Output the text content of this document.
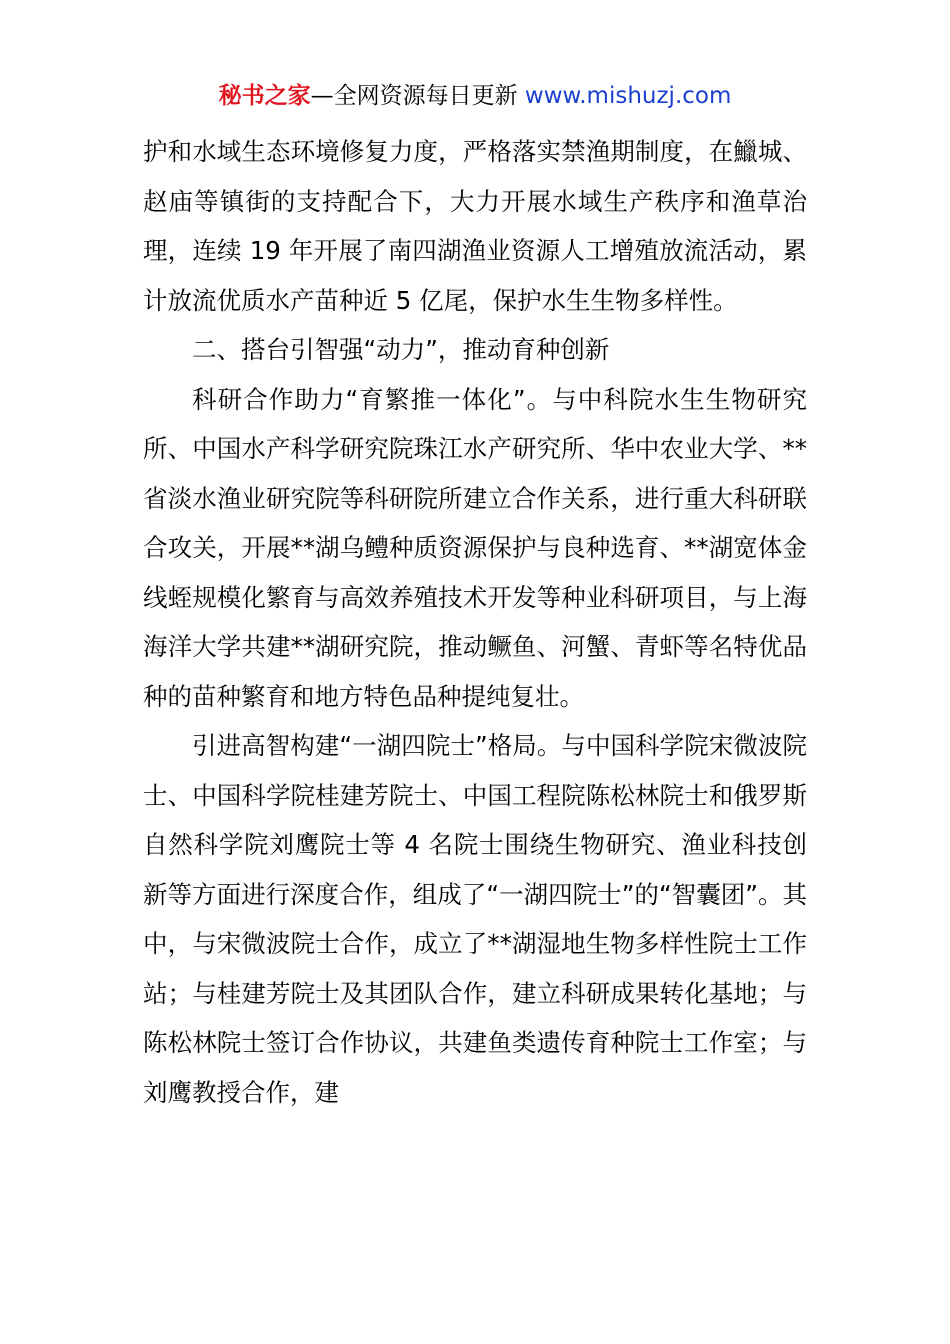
秘书之家—全网资源每日更新 www.mishuzj.com

护和水域生态环境修复力度，严格落实禁渔期制度，在鱲城、赵庙等镇街的支持配合下，大力开展水域生产秩序和渔草治理，连续 19 年开展了南四湖渔业资源人工增殖放流活动，累计放流优质水产苗种近 5 亿尾，保护水生生物多样性。

二、搭台引智强“动力”，推动育种创新

科研合作助力“育繁推一体化”。与中科院水生生物研究所、中国水产科学研究院珠江水产研究所、华中农业大学、**省淡水渔业研究院等科研院所建立合作关系，进行重大科研联合攻关，开展**湖乌鳢种质资源保护与良种选育、**湖宽体金线蛭规模化繁育与高效养殖技术开发等种业科研项目，与上海海洋大学共建**湖研究院，推动鳜鱼、河蟹、青虾等名特优品种的苗种繁育和地方特色品种提纯复壮。

引进高智构建“一湖四院士”格局。与中国科学院宋微波院士、中国科学院桂建芳院士、中国工程院陈松林院士和俄罗斯自然科学院刘鹰院士等 4 名院士围绕生物研究、渔业科技创新等方面进行深度合作，组成了“一湖四院士”的“智囊团”。其中，与宋微波院士合作，成立了**湖湿地生物多样性院士工作站；与桂建芳院士及其团队合作，建立科研成果转化基地；与陈松林院士签订合作协议，共建鱼类遗传育种院士工作室；与刘鹰教授合作，建
